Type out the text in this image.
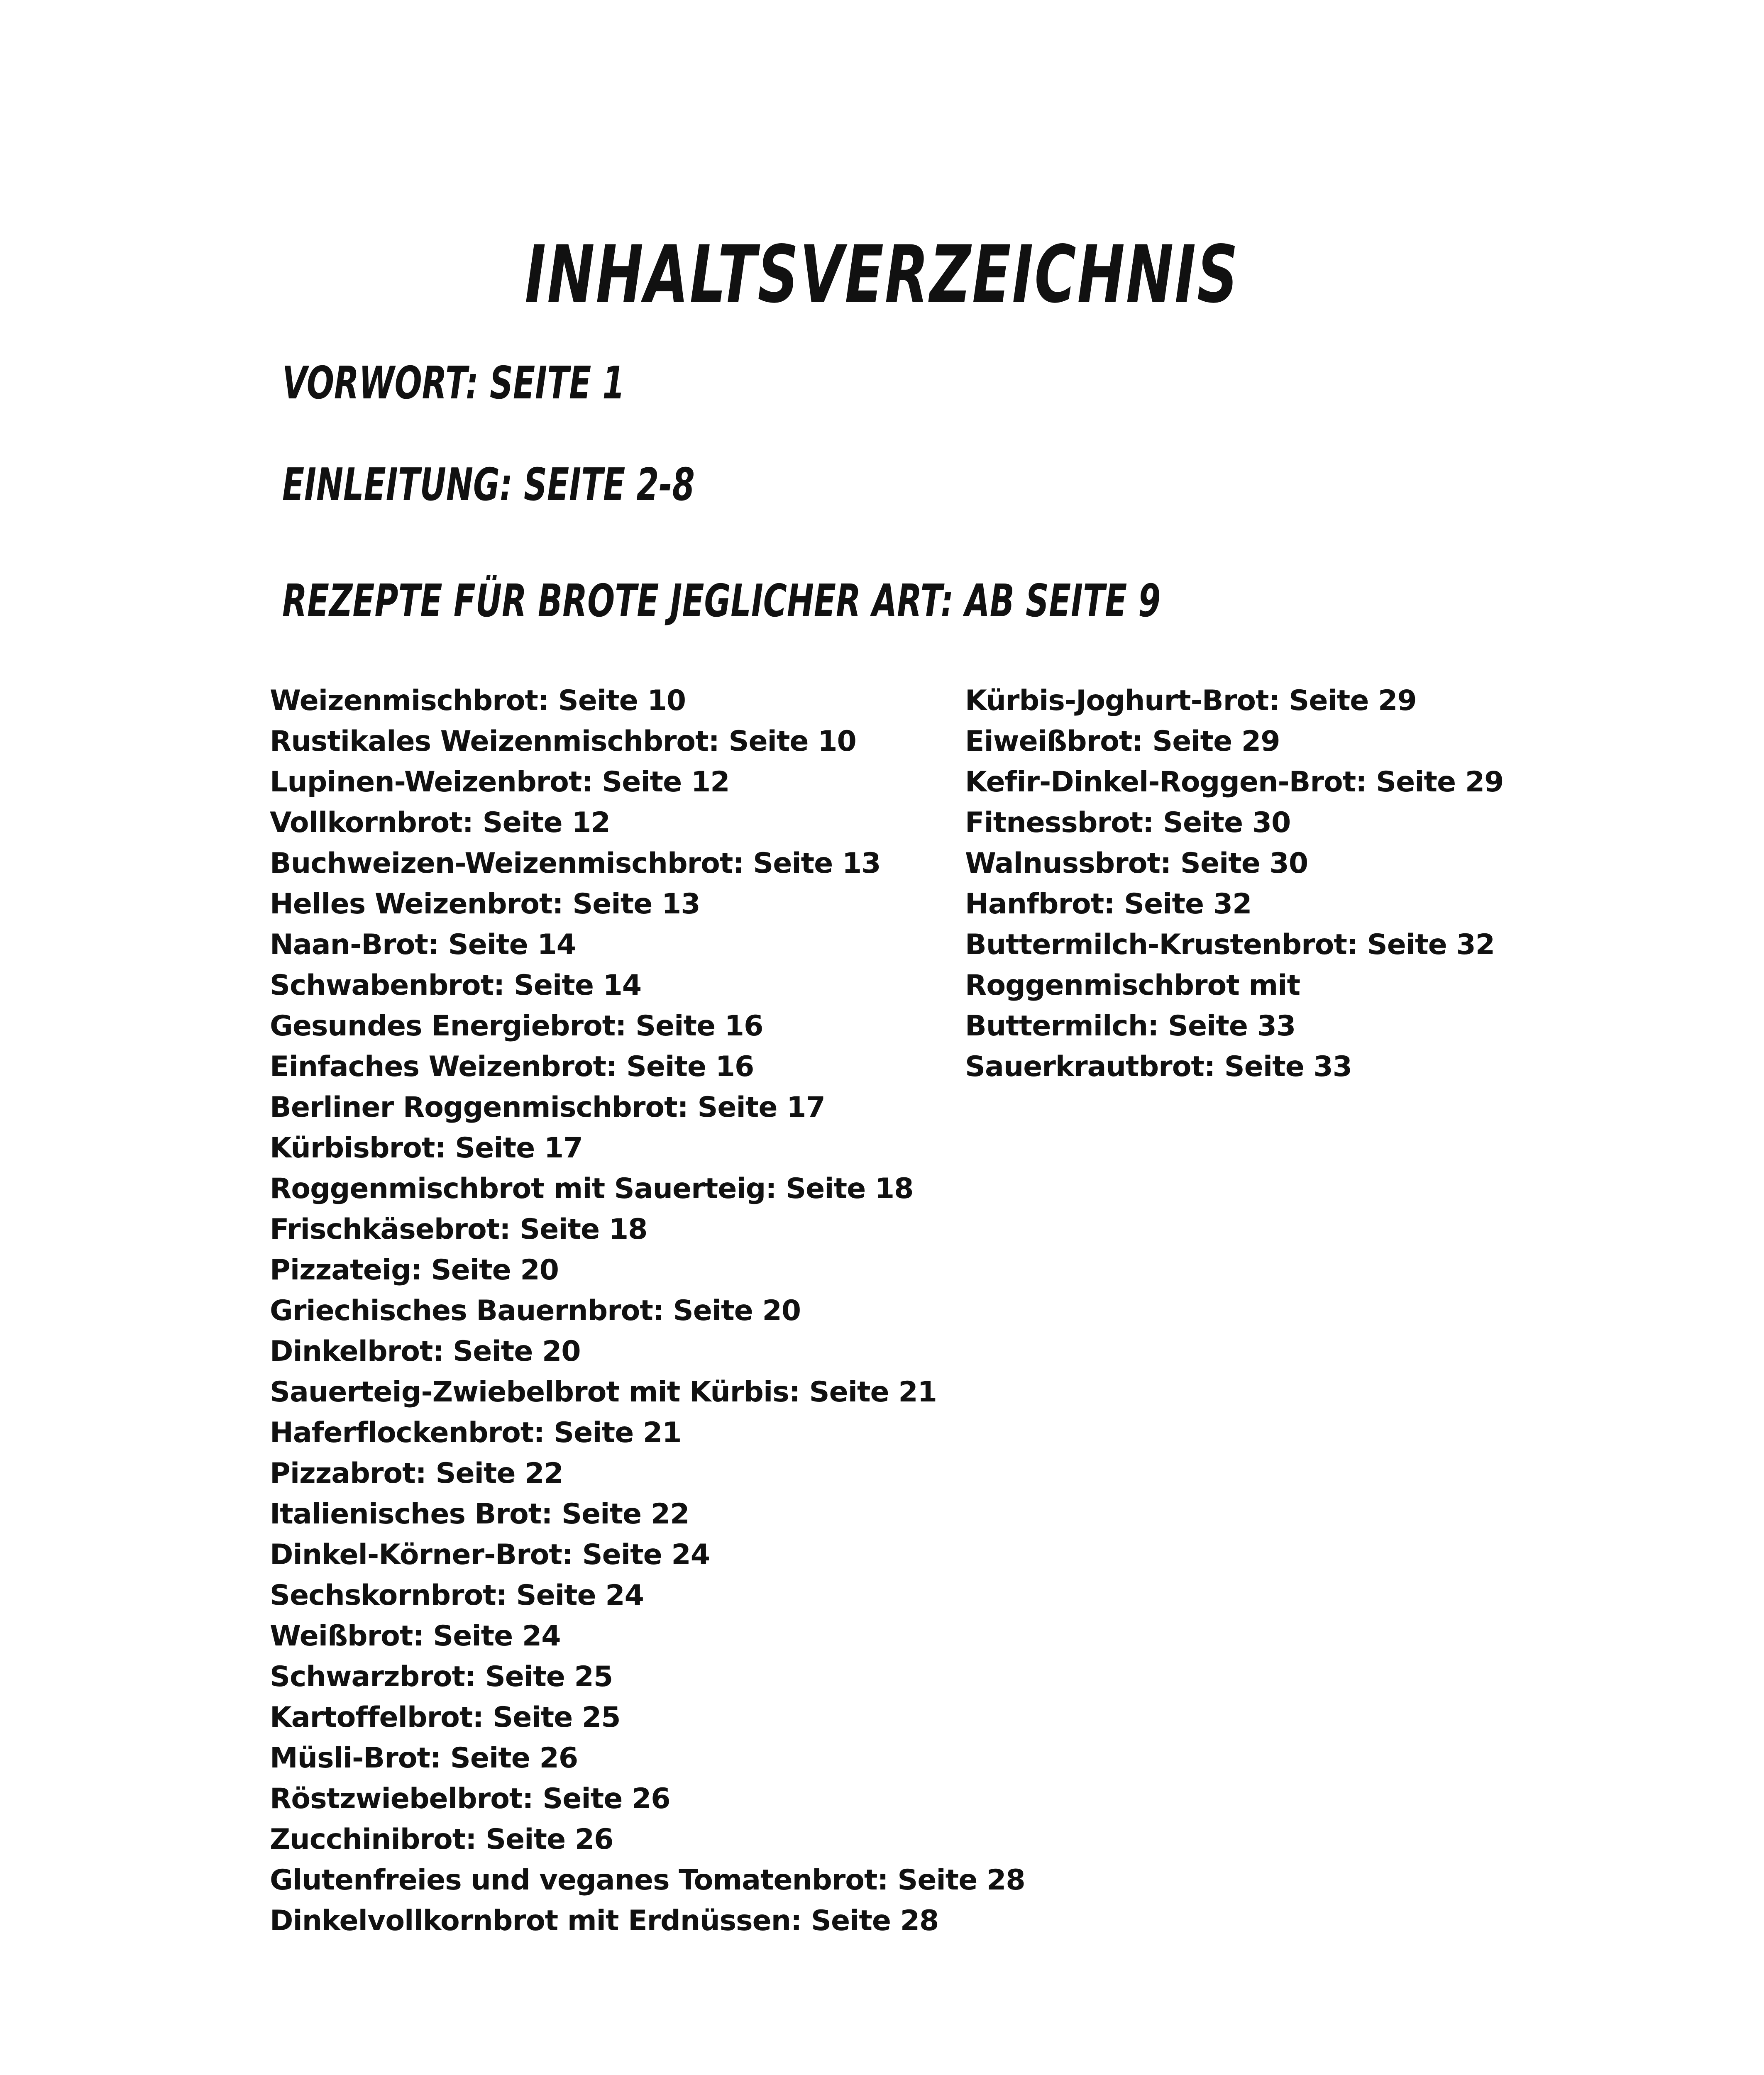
INHALTSVERZEICHNIS
VORWORT: SEITE 1
EINLEITUNG: SEITE 2-8
REZEPTE FÜR BROTE JEGLICHER ART: AB SEITE 9
Weizenmischbrot: Seite 10
Rustikales Weizenmischbrot: Seite 10
Lupinen-Weizenbrot: Seite 12
Vollkornbrot: Seite 12
Buchweizen-Weizenmischbrot: Seite 13
Helles Weizenbrot: Seite 13
Naan-Brot: Seite 14
Schwabenbrot: Seite 14
Gesundes Energiebrot: Seite 16
Einfaches Weizenbrot: Seite 16
Berliner Roggenmischbrot: Seite 17
Kürbisbrot: Seite 17
Roggenmischbrot mit Sauerteig: Seite 18
Frischkäsebrot: Seite 18
Pizzateig: Seite 20
Griechisches Bauernbrot: Seite 20
Dinkelbrot: Seite 20
Sauerteig-Zwiebelbrot mit Kürbis: Seite 21
Haferflockenbrot: Seite 21
Pizzabrot: Seite 22
Italienisches Brot: Seite 22
Dinkel-Körner-Brot: Seite 24
Sechskornbrot: Seite 24
Weißbrot: Seite 24
Schwarzbrot: Seite 25
Kartoffelbrot: Seite 25
Müsli-Brot: Seite 26
Röstzwiebelbrot: Seite 26
Zucchinibrot: Seite 26
Glutenfreies und veganes Tomatenbrot: Seite 28
Dinkelvollkornbrot mit Erdnüssen: Seite 28
Kürbis-Joghurt-Brot: Seite 29
Eiweißbrot: Seite 29
Kefir-Dinkel-Roggen-Brot: Seite 29
Fitnessbrot: Seite 30
Walnussbrot: Seite 30
Hanfbrot: Seite 32
Buttermilch-Krustenbrot: Seite 32
Roggenmischbrot mit
Buttermilch: Seite 33
Sauerkrautbrot: Seite 33
